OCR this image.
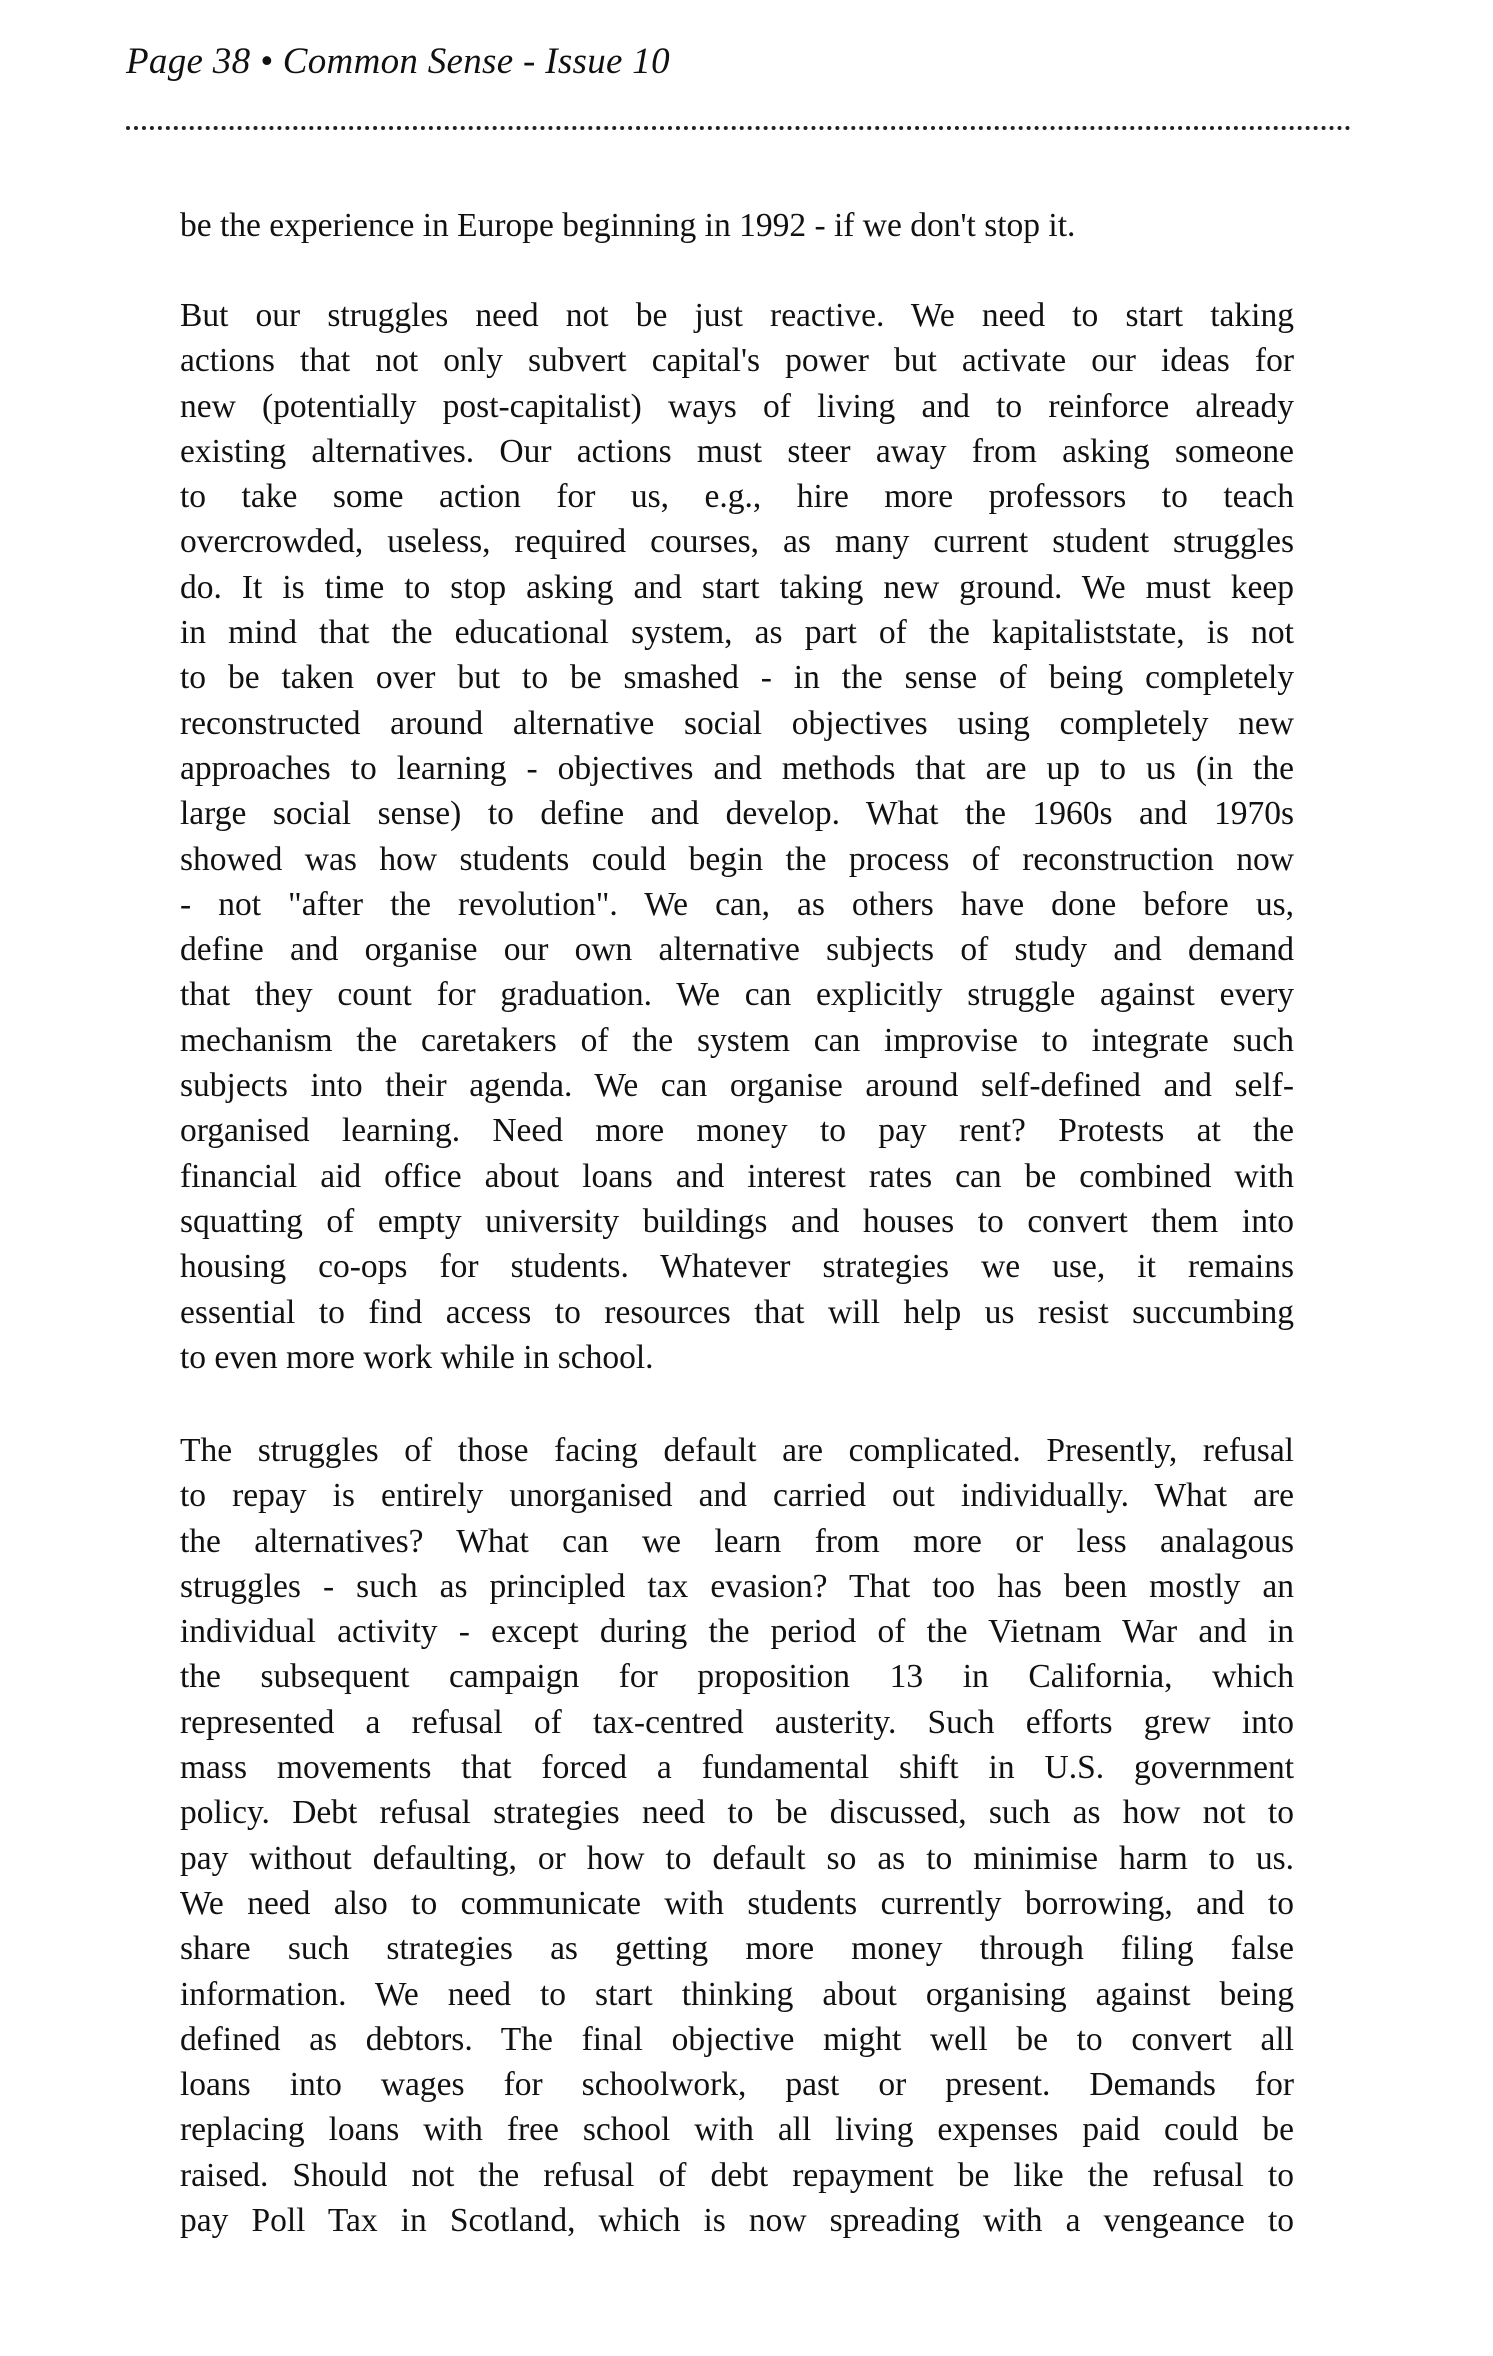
Page 38 • Common Sense - Issue 10

be the experience in Europe beginning in 1992 - if we don't stop it.

But our struggles need not be just reactive. We need to start taking
actions that not only subvert capital's power but activate our ideas for
new (potentially post-capitalist) ways of living and to reinforce already
existing alternatives. Our actions must steer away from asking someone
to take some action for us, e.g., hire more professors to teach
overcrowded, useless, required courses, as many current student struggles
do. It is time to stop asking and start taking new ground. We must keep
in mind that the educational system, as part of the kapitaliststate, is not
to be taken over but to be smashed - in the sense of being completely
reconstructed around alternative social objectives using completely new
approaches to learning - objectives and methods that are up to us (in the
large social sense) to define and develop. What the 1960s and 1970s
showed was how students could begin the process of reconstruction now
- not "after the revolution". We can, as others have done before us,
define and organise our own alternative subjects of study and demand
that they count for graduation. We can explicitly struggle against every
mechanism the caretakers of the system can improvise to integrate such
subjects into their agenda. We can organise around self-defined and self-
organised learning. Need more money to pay rent? Protests at the
financial aid office about loans and interest rates can be combined with
squatting of empty university buildings and houses to convert them into
housing co-ops for students. Whatever strategies we use, it remains
essential to find access to resources that will help us resist succumbing
to even more work while in school.

The struggles of those facing default are complicated. Presently, refusal
to repay is entirely unorganised and carried out individually. What are
the alternatives? What can we learn from more or less analagous
struggles - such as principled tax evasion? That too has been mostly an
individual activity - except during the period of the Vietnam War and in
the subsequent campaign for proposition 13 in California, which
represented a refusal of tax-centred austerity. Such efforts grew into
mass movements that forced a fundamental shift in U.S. government
policy. Debt refusal strategies need to be discussed, such as how not to
pay without defaulting, or how to default so as to minimise harm to us.
We need also to communicate with students currently borrowing, and to
share such strategies as getting more money through filing false
information. We need to start thinking about organising against being
defined as debtors. The final objective might well be to convert all
loans into wages for schoolwork, past or present. Demands for
replacing loans with free school with all living expenses paid could be
raised. Should not the refusal of debt repayment be like the refusal to
pay Poll Tax in Scotland, which is now spreading with a vengeance to
